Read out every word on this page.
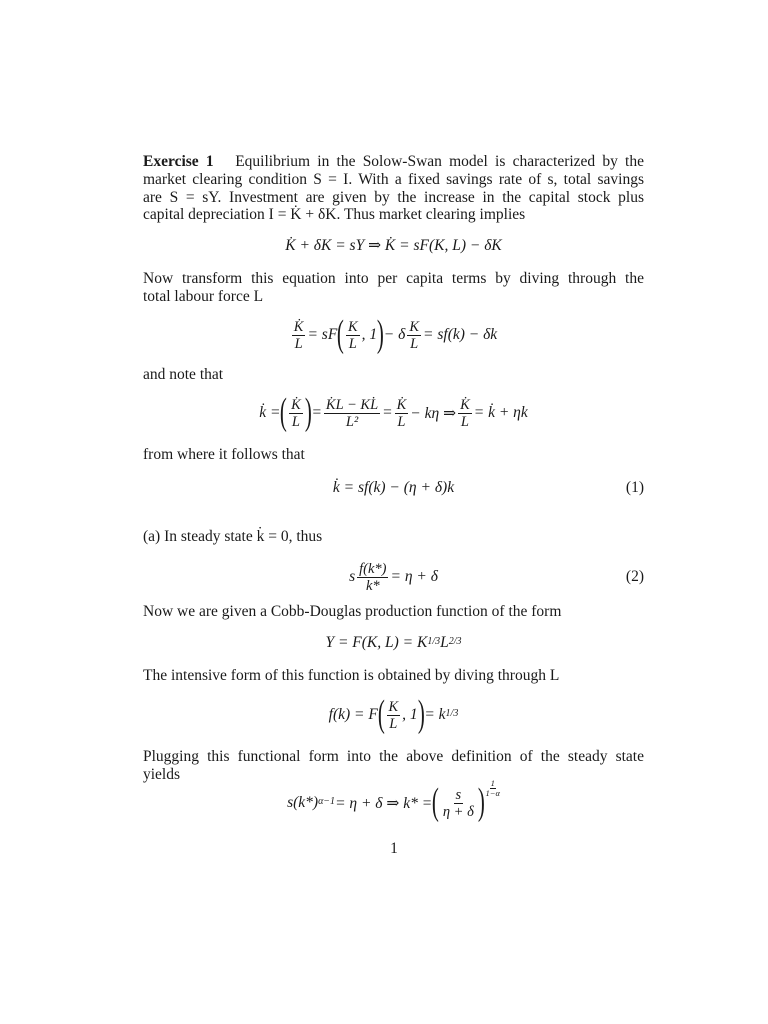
Exercise 1 Equilibrium in the Solow-Swan model is characterized by the
market clearing condition S = I. With a fixed savings rate of s, total savings
are S = sY. Investment are given by the increase in the capital stock plus
capital depreciation I = K̇ + δK. Thus market clearing implies
K̇ + δK = sY ⇒ K̇ = sF(K, L) − δK
Now transform this equation into per capita terms by diving through the
total labour force L
$\frac{K̇}{L}$ = sF ( $\frac{K}{L}$ , 1 ) − δ $\frac{K}{L} = sf(k) - \delta k$
and note that
k̇ = ( $\frac{K̇}{L}$ ) = $\frac{K̇L - KL̇}{\text{L²}} = \frac{K̇}{L} - k\eta$ ⇒ $\frac{K̇}{L}$ = k̇ + ηk
from where it follows that
k̇ = sf(k) − (η + δ)k	(1)
(a) In steady state k̇ = 0, thus
s $\frac{f(k*)}{k*} = \eta + \delta$	(2)
Now we are given a Cobb-Douglas production function of the form
Y = F(K, $L) = K^{1/3}$ $L^{2/3}$
The intensive form of this function is obtained by diving through L
f(k) = F ( $\frac{K}{L}$ , 1 ) = $k^{1/3}$
Plugging this functional form into the above definition of the steady state
yields
$s(k*)^{\alpha-1} = \eta + \delta$ ⇒ k* = ( $\frac{s}{\eta + \delta}$ ) $\frac{1}{1-\alpha}$
1
